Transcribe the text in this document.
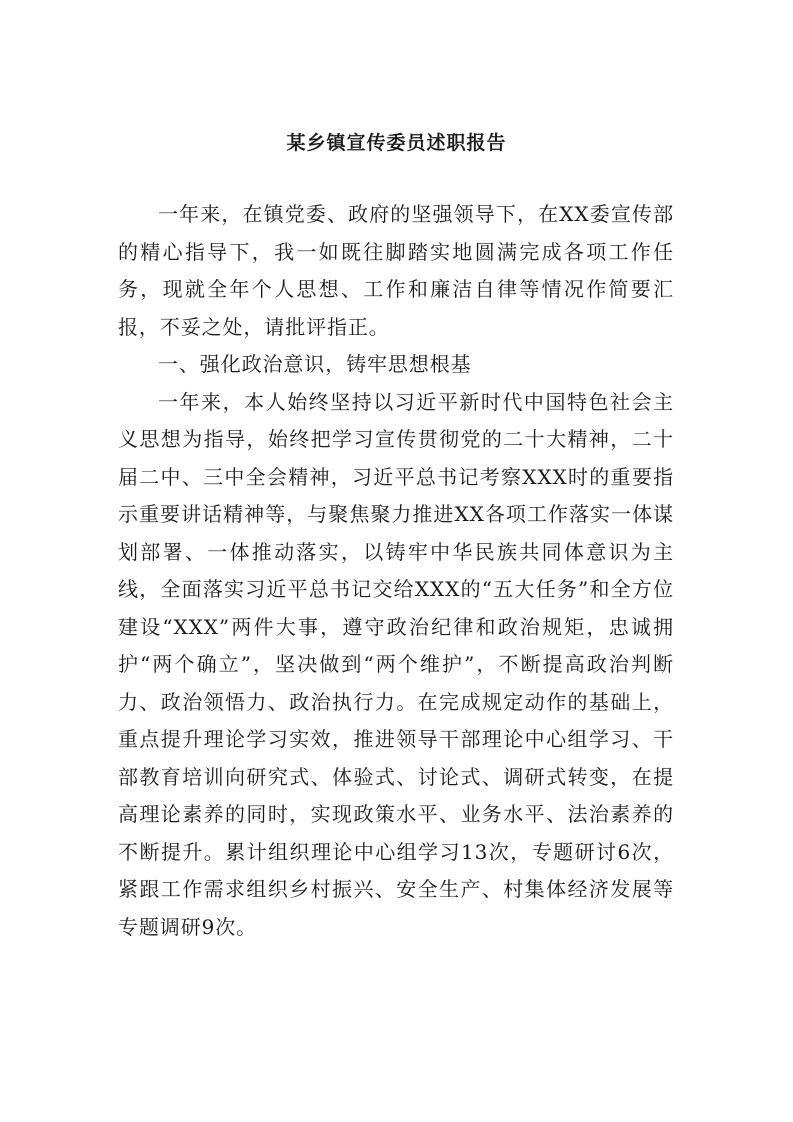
某乡镇宣传委员述职报告

一年来，在镇党委、政府的坚强领导下，在XX委宣传部的精心指导下，我一如既往脚踏实地圆满完成各项工作任务，现就全年个人思想、工作和廉洁自律等情况作简要汇报，不妥之处，请批评指正。

一、强化政治意识，铸牢思想根基

一年来，本人始终坚持以习近平新时代中国特色社会主义思想为指导，始终把学习宣传贯彻党的二十大精神，二十届二中、三中全会精神，习近平总书记考察XXX时的重要指示重要讲话精神等，与聚焦聚力推进XX各项工作落实一体谋划部署、一体推动落实，以铸牢中华民族共同体意识为主线，全面落实习近平总书记交给XXX的“五大任务”和全方位建设“XXX”两件大事，遵守政治纪律和政治规矩，忠诚拥护“两个确立”，坚决做到“两个维护”，不断提高政治判断力、政治领悟力、政治执行力。在完成规定动作的基础上，重点提升理论学习实效，推进领导干部理论中心组学习、干部教育培训向研究式、体验式、讨论式、调研式转变，在提高理论素养的同时，实现政策水平、业务水平、法治素养的不断提升。累计组织理论中心组学习13次，专题研讨6次，紧跟工作需求组织乡村振兴、安全生产、村集体经济发展等专题调研9次。
